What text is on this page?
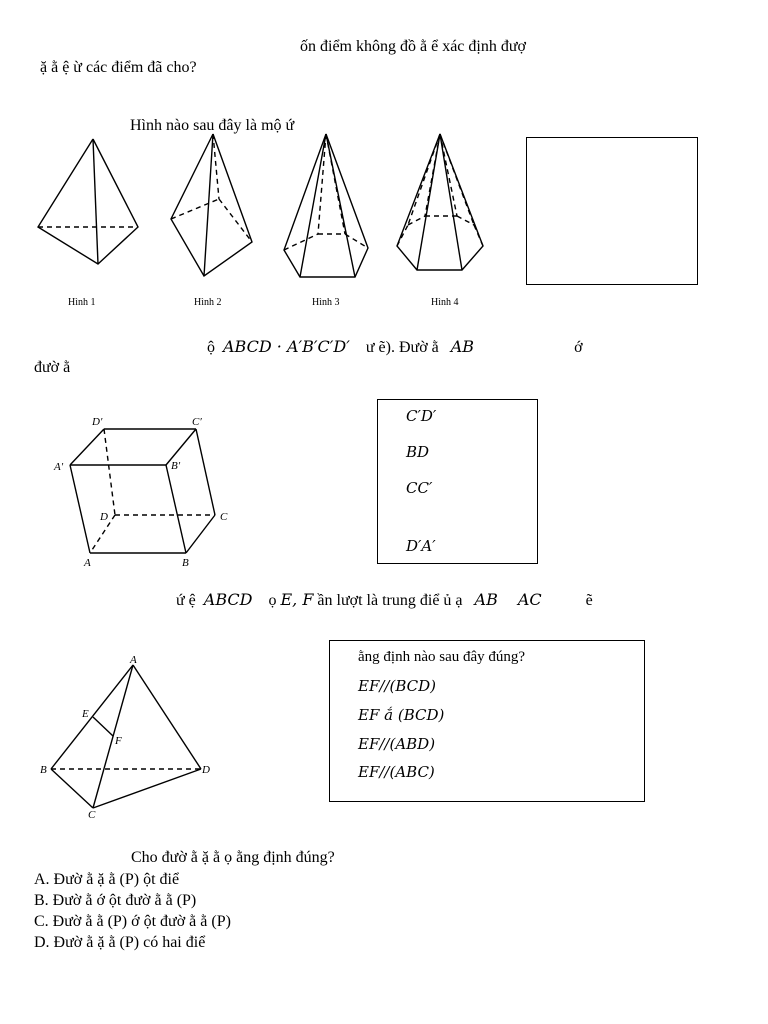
ốn điểm không đồ ằ ể xác định đượ
ặ ằ ệ ừ các điểm đã cho?
Hình nào sau đây là mộ ứ
Hình 1	Hình 2	Hình 3	Hình 4
ộ ABCD · A′B′C′D′ ư ẽ). Đườ ằ AB	ớ
đườ ằ
D′	C′
A′	B′
D	C
A	B
C′D′
BD
CC′
D′A′
ứ ệ ABCD ọ E, F ần lượt là trung điể ủ ạ AB AC	ẽ
A
E
F
B	D
C
ằng định nào sau đây đúng?
EF//(BCD)
EF ắ (BCD)
EF//(ABD)
EF//(ABC)
Cho đườ ằ ặ ằ ọ ằng định đúng?
A. Đườ ằ ặ ằ (P) ột điể
B. Đườ ằ ớ ột đườ ằ ằ (P)
C. Đườ ằ ằ (P) ớ ột đườ ằ ằ (P)
D. Đườ ằ ặ ằ (P) có hai điể
